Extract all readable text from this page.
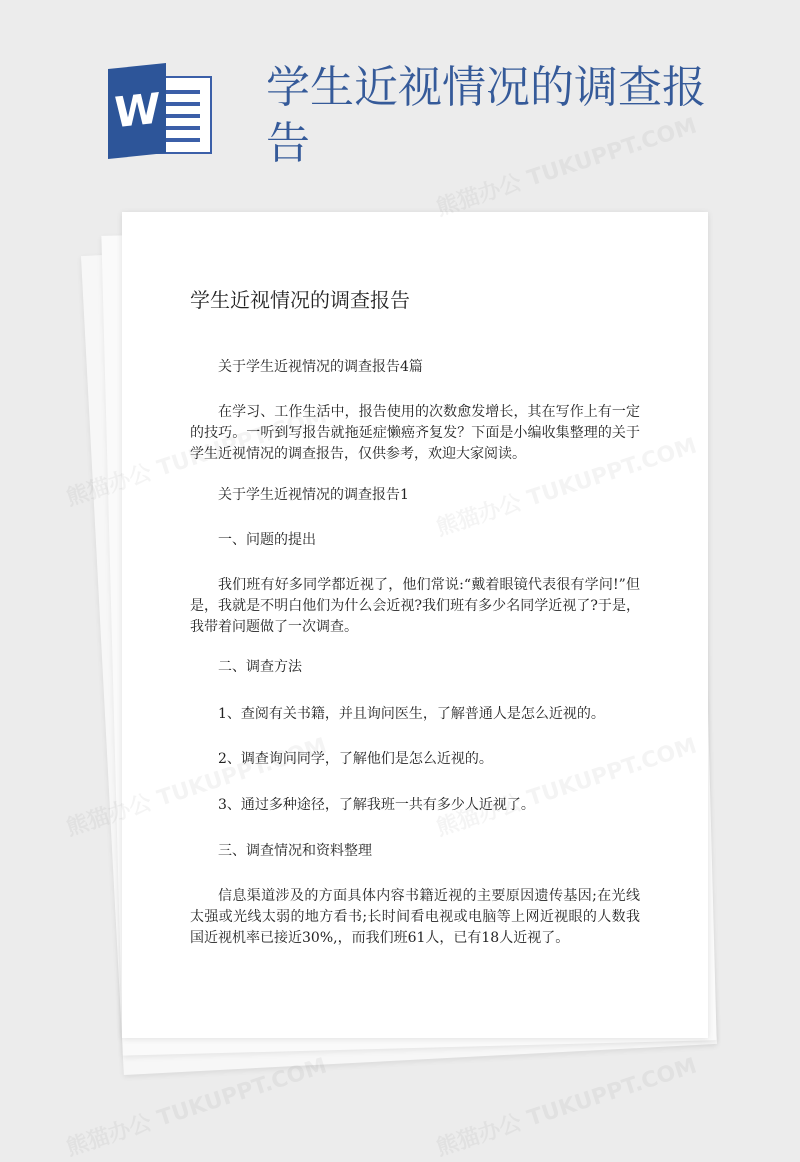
W 学生近视情况的调查报告
学生近视情况的调查报告

关于学生近视情况的调查报告4篇

在学习、工作生活中，报告使用的次数愈发增长，其在写作上有一定的技巧。一听到写报告就拖延症懒癌齐复发？下面是小编收集整理的关于学生近视情况的调查报告，仅供参考，欢迎大家阅读。

关于学生近视情况的调查报告1

一、问题的提出

我们班有好多同学都近视了，他们常说:“戴着眼镜代表很有学问!”但是，我就是不明白他们为什么会近视?我们班有多少名同学近视了?于是，我带着问题做了一次调查。

二、调查方法

1、查阅有关书籍，并且询问医生，了解普通人是怎么近视的。

2、调查询问同学，了解他们是怎么近视的。

3、通过多种途径，了解我班一共有多少人近视了。

三、调查情况和资料整理

信息渠道涉及的方面具体内容书籍近视的主要原因遗传基因;在光线太强或光线太弱的地方看书;长时间看电视或电脑等上网近视眼的人数我国近视机率已接近30%,，而我们班61人，已有18人近视了。
